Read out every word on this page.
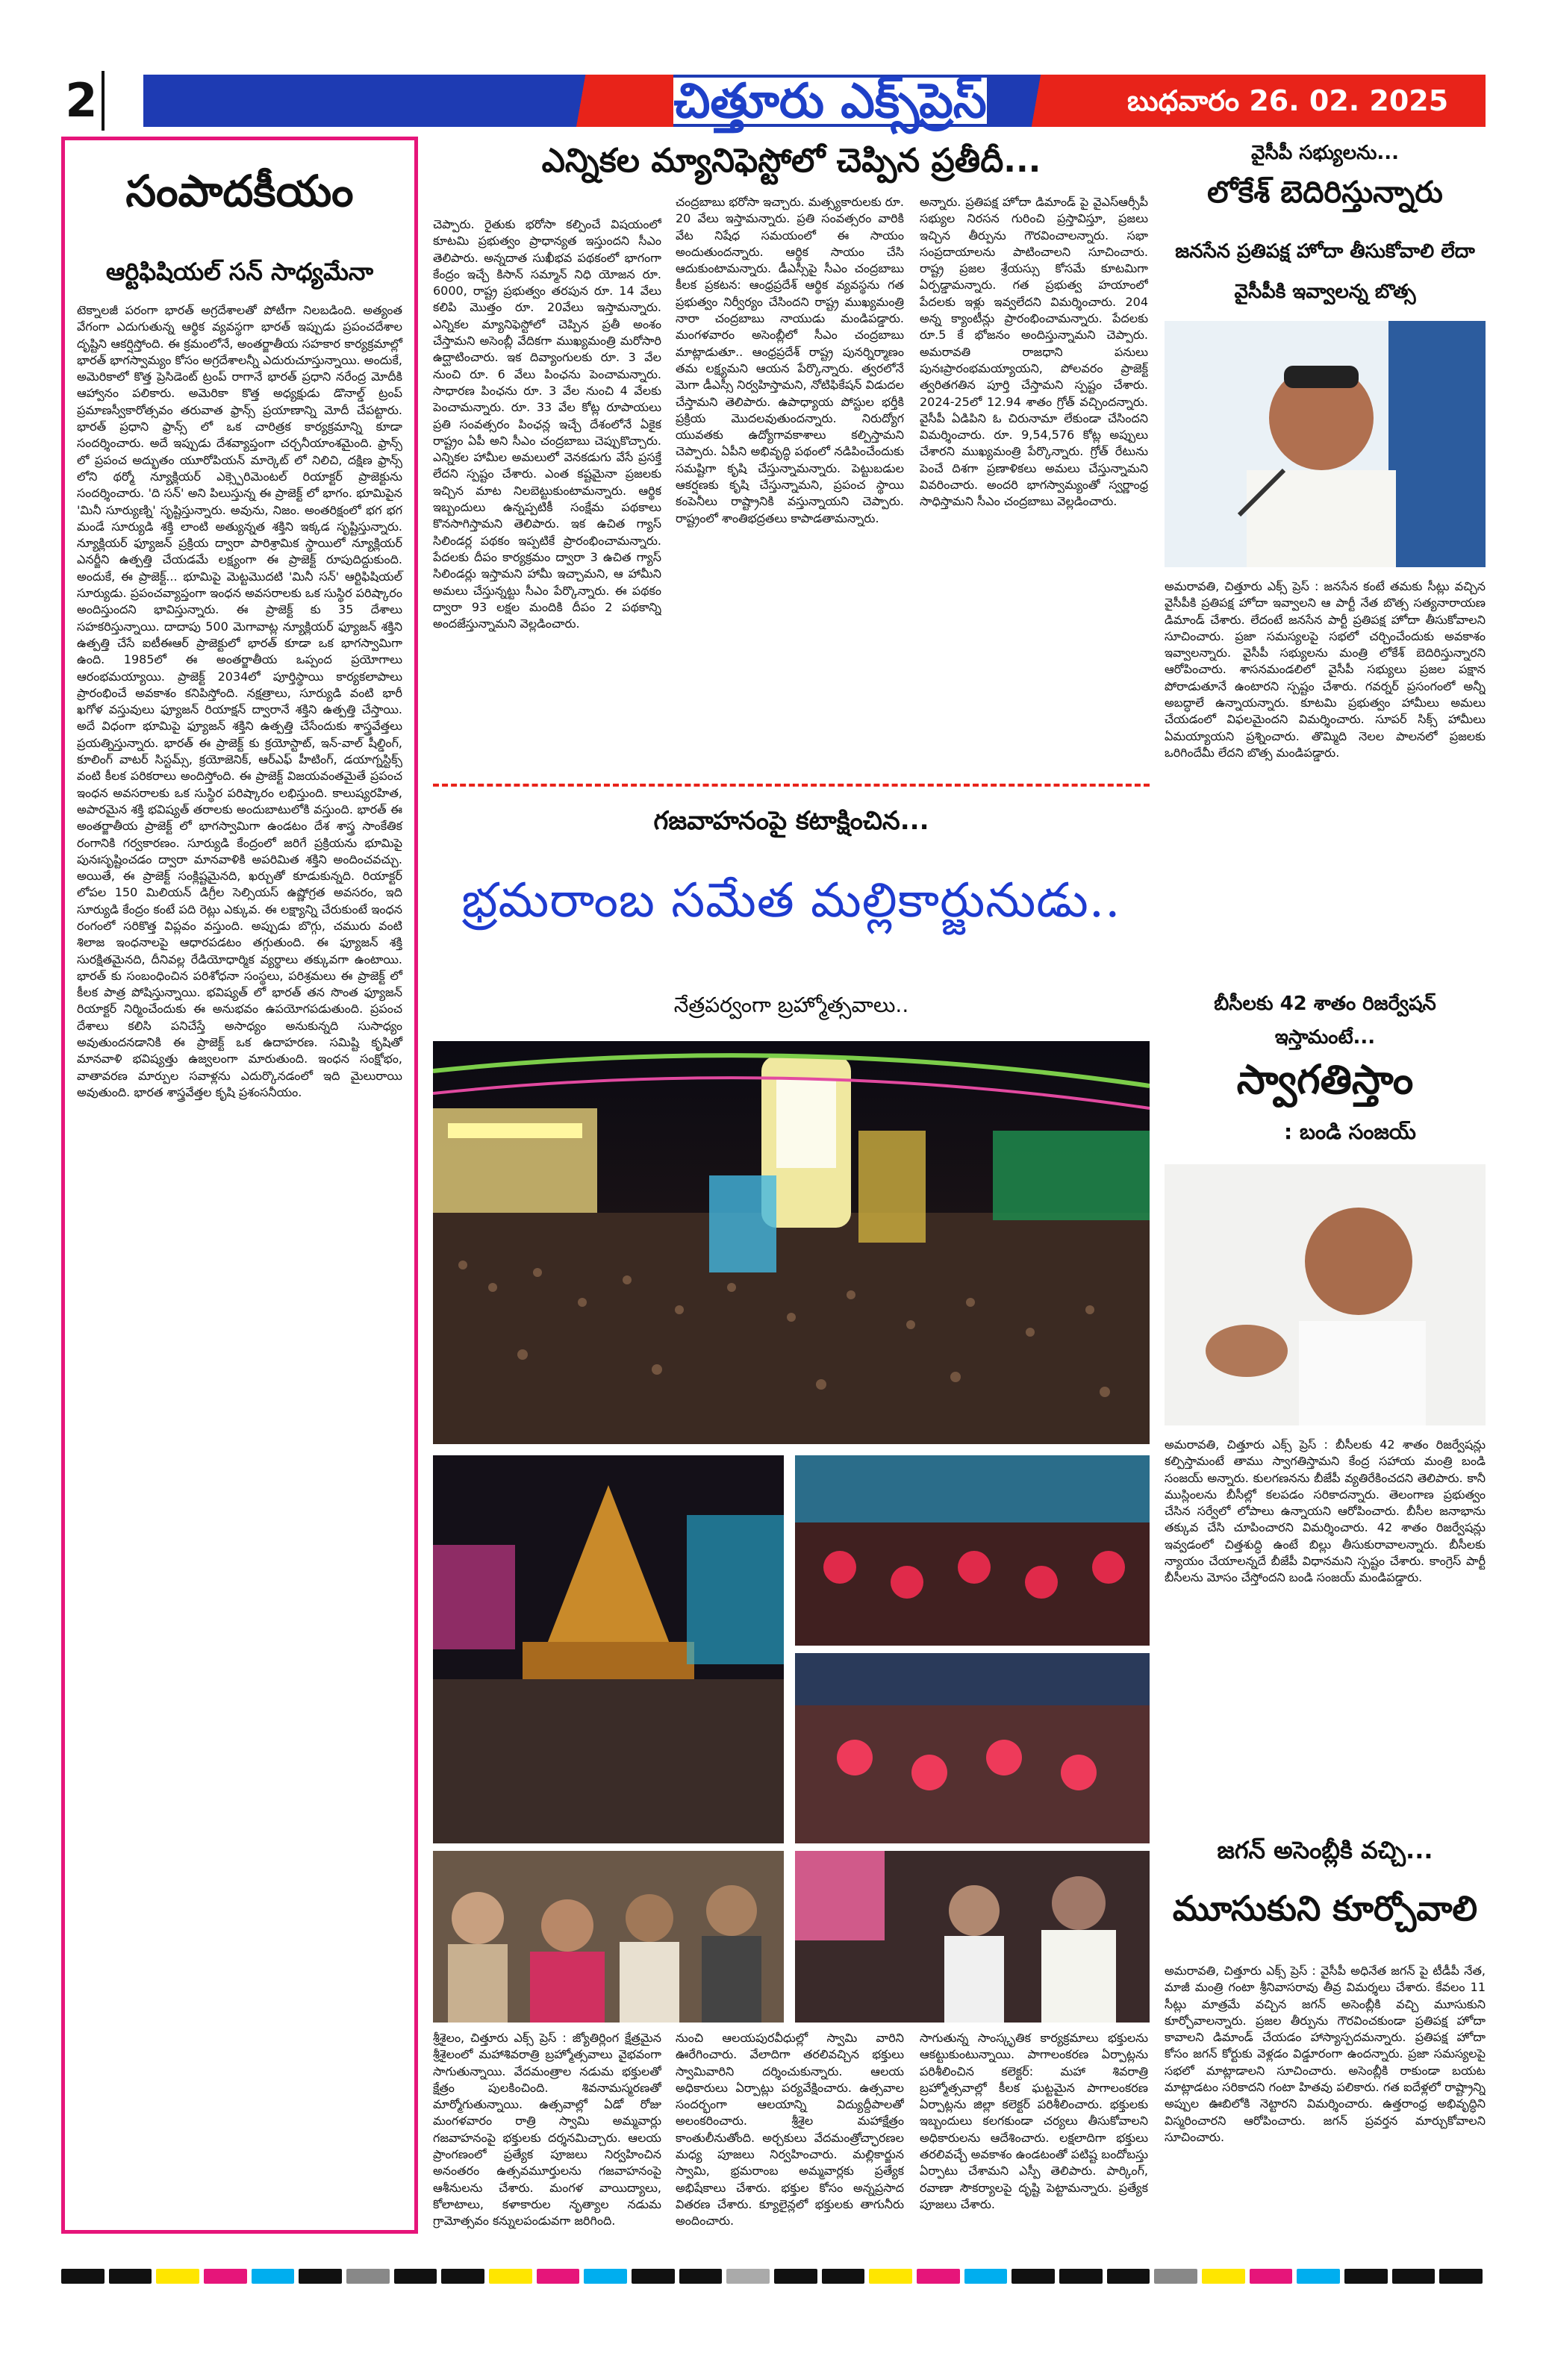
2	చిత్తూరు ఎక్స్‌ప్రెస్	బుధవారం 26. 02. 2025
సంపాదకీయం
ఆర్టిఫిషియల్ సన్ సాధ్యమేనా
టెక్నాలజీ పరంగా భారత్ అగ్రదేశాలతో పోటీగా నిలబడింది. అత్యంత వేగంగా ఎదుగుతున్న ఆర్థిక వ్యవస్థగా భారత్ ఇప్పుడు ప్రపంచదేశాల దృష్టిని ఆకర్షిస్తోంది. ఈ క్రమంలోనే, అంతర్జాతీయ సహకార కార్యక్రమాల్లో భారత్ భాగస్వామ్యం కోసం అగ్రదేశాలన్నీ ఎదురుచూస్తున్నాయి. అందుకే, అమెరికాలో కొత్త ప్రెసిడెంట్ ట్రంప్ రాగానే భారత్ ప్రధాని నరేంద్ర మోదీకి ఆహ్వానం పలికారు. అమెరికా కొత్త అధ్యక్షుడు డొనాల్డ్ ట్రంప్ ప్రమాణస్వీకారోత్సవం తరువాత ఫ్రాన్స్ ప్రయాణాన్ని మోదీ చేపట్టారు. భారత్ ప్రధాని ఫ్రాన్స్ లో ఒక చారిత్రక కార్యక్రమాన్ని కూడా సందర్శించారు. అదే ఇప్పుడు దేశవ్యాప్తంగా చర్చనీయాంశమైంది. ఫ్రాన్స్ లో ప్రపంచ అద్భుతం యూరోపియన్ మార్కెట్ లో నిలిచి, దక్షిణ ఫ్రాన్స్ లోని థర్మో న్యూక్లియర్ ఎక్స్పెరిమెంటల్ రియాక్టర్ ప్రాజెక్టును సందర్శించారు. 'ది సన్' అని పిలుస్తున్న ఈ ప్రాజెక్ట్ లో భాగం. భూమిపైన 'మినీ సూర్యుణ్ని' సృష్టిస్తున్నారు. అవును, నిజం. అంతరిక్షంలో భగ భగ మండే సూర్యుడి శక్తి లాంటి అత్యున్నత శక్తిని ఇక్కడ సృష్టిస్తున్నారు. న్యూక్లియర్ ఫ్యూజన్ ప్రక్రియ ద్వారా పారిశ్రామిక స్థాయిలో న్యూక్లియర్ ఎనర్జీని ఉత్పత్తి చేయడమే లక్ష్యంగా ఈ ప్రాజెక్ట్ రూపుదిద్దుకుంది. అందుకే, ఈ ప్రాజెక్ట్... భూమిపై మెట్టమొదటి 'మినీ సన్' ఆర్టిఫిషియల్ సూర్యుడు. ప్రపంచవ్యాప్తంగా ఇంధన అవసరాలకు ఒక సుస్థిర పరిష్కారం అందిస్తుందని భావిస్తున్నారు. ఈ ప్రాజెక్ట్ కు 35 దేశాలు సహకరిస్తున్నాయి. దాదాపు 500 మెగావాట్ల న్యూక్లియర్ ఫ్యూజన్ శక్తిని ఉత్పత్తి చేసే ఐటీఈఆర్ ప్రాజెక్టులో భారత్ కూడా ఒక భాగస్వామిగా ఉంది. 1985లో ఈ అంతర్జాతీయ ఒప్పంద ప్రయోగాలు ఆరంభమయ్యాయి. ప్రాజెక్ట్ 2034లో పూర్తిస్థాయి కార్యకలాపాలు ప్రారంభించే అవకాశం కనిపిస్తోంది. నక్షత్రాలు, సూర్యుడి వంటి భారీ ఖగోళ వస్తువులు ఫ్యూజన్ రియాక్షన్ ద్వారానే శక్తిని ఉత్పత్తి చేస్తాయి. అదే విధంగా భూమిపై ఫ్యూజన్ శక్తిని ఉత్పత్తి చేసేందుకు శాస్త్రవేత్తలు ప్రయత్నిస్తున్నారు. భారత్ ఈ ప్రాజెక్ట్ కు క్రయోస్టాట్, ఇన్-వాల్ షీల్డింగ్, కూలింగ్ వాటర్ సిస్టమ్స్, క్రయోజెనిక్, ఆర్ఎఫ్ హీటింగ్, డయాగ్నస్టిక్స్ వంటి కీలక పరికరాలు అందిస్తోంది. ఈ ప్రాజెక్ట్ విజయవంతమైతే ప్రపంచ ఇంధన అవసరాలకు ఒక సుస్థిర పరిష్కారం లభిస్తుంది. కాలుష్యరహిత, అపారమైన శక్తి భవిష్యత్ తరాలకు అందుబాటులోకి వస్తుంది. భారత్ ఈ అంతర్జాతీయ ప్రాజెక్ట్ లో భాగస్వామిగా ఉండటం దేశ శాస్త్ర సాంకేతిక రంగానికి గర్వకారణం. సూర్యుడి కేంద్రంలో జరిగే ప్రక్రియను భూమిపై పునఃసృష్టించడం ద్వారా మానవాళికి అపరిమిత శక్తిని అందించవచ్చు. అయితే, ఈ ప్రాజెక్ట్ సంక్లిష్టమైనది, ఖర్చుతో కూడుకున్నది. రియాక్టర్ లోపల 150 మిలియన్ డిగ్రీల సెల్సియస్ ఉష్ణోగ్రత అవసరం, ఇది సూర్యుడి కేంద్రం కంటే పది రెట్లు ఎక్కువ. ఈ లక్ష్యాన్ని చేరుకుంటే ఇంధన రంగంలో సరికొత్త విప్లవం వస్తుంది. అప్పుడు బొగ్గు, చమురు వంటి శిలాజ ఇంధనాలపై ఆధారపడటం తగ్గుతుంది. ఈ ఫ్యూజన్ శక్తి సురక్షితమైనది, దీనివల్ల రేడియోధార్మిక వ్యర్థాలు తక్కువగా ఉంటాయి. భారత్ కు సంబంధించిన పరిశోధనా సంస్థలు, పరిశ్రమలు ఈ ప్రాజెక్ట్ లో కీలక పాత్ర పోషిస్తున్నాయి. భవిష్యత్ లో భారత్ తన సొంత ఫ్యూజన్ రియాక్టర్ నిర్మించేందుకు ఈ అనుభవం ఉపయోగపడుతుంది. ప్రపంచ దేశాలు కలిసి పనిచేస్తే అసాధ్యం అనుకున్నది సుసాధ్యం అవుతుందనడానికి ఈ ప్రాజెక్ట్ ఒక ఉదాహరణ. సమిష్టి కృషితో మానవాళి భవిష్యత్తు ఉజ్వలంగా మారుతుంది. ఇంధన సంక్షోభం, వాతావరణ మార్పుల సవాళ్లను ఎదుర్కొనడంలో ఇది మైలురాయి అవుతుంది. భారత శాస్త్రవేత్తల కృషి ప్రశంసనీయం.
ఎన్నికల మ్యానిఫెస్టోలో చెప్పిన ప్రతీదీ...
చెప్పారు. రైతుకు భరోసా కల్పించే విషయంలో కూటమి ప్రభుత్వం ప్రాధాన్యత ఇస్తుందని సీఎం తెలిపారు. అన్నదాత సుఖీభవ పథకంలో భాగంగా కేంద్రం ఇచ్చే కిసాన్ సమ్మాన్ నిధి యోజన రూ. 6000, రాష్ట్ర ప్రభుత్వం తరపున రూ. 14 వేలు కలిపి మొత్తం రూ. 20వేలు ఇస్తామన్నారు. ఎన్నికల మ్యానిఫెస్టోలో చెప్పిన ప్రతీ అంశం చేస్తామని అసెంబ్లీ వేదికగా ముఖ్యమంత్రి మరోసారి ఉద్ఘాటించారు. ఇక దివ్యాంగులకు రూ. 3 వేల నుంచి రూ. 6 వేలు పింఛను పెంచామన్నారు. సాధారణ పింఛను రూ. 3 వేల నుంచి 4 వేలకు పెంచామన్నారు. రూ. 33 వేల కోట్ల రూపాయలు ప్రతి సంవత్సరం పింఛన్ల ఇచ్చే దేశంలోనే ఏకైక రాష్ట్రం ఏపీ అని సీఎం చంద్రబాబు చెప్పుకొచ్చారు. ఎన్నికల హామీల అమలులో వెనకడుగు వేసే ప్రసక్తే లేదని స్పష్టం చేశారు. ఎంత కష్టమైనా ప్రజలకు ఇచ్చిన మాట నిలబెట్టుకుంటామన్నారు. ఆర్థిక ఇబ్బందులు ఉన్నప్పటికీ సంక్షేమ పథకాలు కొనసాగిస్తామని తెలిపారు. ఇక ఉచిత గ్యాస్ సిలిండర్ల పథకం ఇప్పటికే ప్రారంభించామన్నారు. పేదలకు దీపం కార్యక్రమం ద్వారా 3 ఉచిత గ్యాస్ సిలిండర్లు ఇస్తామని హామీ ఇచ్చామని, ఆ హామీని అమలు చేస్తున్నట్టు సీఎం పేర్కొన్నారు. ఈ పథకం ద్వారా 93 లక్షల మందికి దీపం 2 పథకాన్ని అందజేస్తున్నామని వెల్లడించారు.
చంద్రబాబు భరోసా ఇచ్చారు. మత్స్యకారులకు రూ. 20 వేలు ఇస్తామన్నారు. ప్రతి సంవత్సరం వారికి వేట నిషేధ సమయంలో ఈ సాయం అందుతుందన్నారు. ఆర్థిక సాయం చేసి ఆదుకుంటామన్నారు. డీఎస్సీపై సీఎం చంద్రబాబు కీలక ప్రకటన: ఆంధ్రప్రదేశ్ ఆర్థిక వ్యవస్థను గత ప్రభుత్వం నిర్వీర్యం చేసిందని రాష్ట్ర ముఖ్యమంత్రి నారా చంద్రబాబు నాయుడు మండిపడ్డారు. మంగళవారం అసెంబ్లీలో సీఎం చంద్రబాబు మాట్లాడుతూ.. ఆంధ్రప్రదేశ్ రాష్ట్ర పునర్నిర్మాణం తమ లక్ష్యమని ఆయన పేర్కొన్నారు. త్వరలోనే మెగా డీఎస్సీ నిర్వహిస్తామని, నోటిఫికేషన్ విడుదల చేస్తామని తెలిపారు. ఉపాధ్యాయ పోస్టుల భర్తీకి ప్రక్రియ మొదలవుతుందన్నారు. నిరుద్యోగ యువతకు ఉద్యోగావకాశాలు కల్పిస్తామని చెప్పారు. ఏపీని అభివృద్ధి పథంలో నడిపించేందుకు సమష్టిగా కృషి చేస్తున్నామన్నారు. పెట్టుబడుల ఆకర్షణకు కృషి చేస్తున్నామని, ప్రపంచ స్థాయి కంపెనీలు రాష్ట్రానికి వస్తున్నాయని చెప్పారు. రాష్ట్రంలో శాంతిభద్రతలు కాపాడతామన్నారు.
అన్నారు. ప్రతిపక్ష హోదా డిమాండ్ పై వైఎస్ఆర్సీపీ సభ్యుల నిరసన గురించి ప్రస్తావిస్తూ, ప్రజలు ఇచ్చిన తీర్పును గౌరవించాలన్నారు. సభా సంప్రదాయాలను పాటించాలని సూచించారు. రాష్ట్ర ప్రజల శ్రేయస్సు కోసమే కూటమిగా ఏర్పడ్డామన్నారు. గత ప్రభుత్వ హయాంలో పేదలకు ఇళ్లు ఇవ్వలేదని విమర్శించారు. 204 అన్న క్యాంటీన్లు ప్రారంభించామన్నారు. పేదలకు రూ.5 కే భోజనం అందిస్తున్నామని చెప్పారు. అమరావతి రాజధాని పనులు పునఃప్రారంభమయ్యాయని, పోలవరం ప్రాజెక్ట్ త్వరితగతిన పూర్తి చేస్తామని స్పష్టం చేశారు. 2024-25లో 12.94 శాతం గ్రోత్ వచ్చిందన్నారు. వైసీపీ ఏడిపిని ఓ చిరునామా లేకుండా చేసిందని విమర్శించారు. రూ. 9,54,576 కోట్ల అప్పులు చేశారని ముఖ్యమంత్రి పేర్కొన్నారు. గ్రోత్ రేటును పెంచే దిశగా ప్రణాళికలు అమలు చేస్తున్నామని వివరించారు. అందరి భాగస్వామ్యంతో స్వర్ణాంధ్ర సాధిస్తామని సీఎం చంద్రబాబు వెల్లడించారు.
గజవాహనంపై కటాక్షించిన...
భ్రమరాంబ సమేత మల్లికార్జునుడు..
నేత్రపర్వంగా బ్రహ్మోత్సవాలు..
శ్రీశైలం, చిత్తూరు ఎక్స్ ప్రెస్ : జ్యోతిర్లింగ క్షేత్రమైన శ్రీశైలంలో మహాశివరాత్రి బ్రహ్మోత్సవాలు వైభవంగా సాగుతున్నాయి. వేదమంత్రాల నడుమ భక్తులతో క్షేత్రం పులకించింది. శివనామస్మరణతో మార్మోగుతున్నాయి. ఉత్సవాల్లో ఏడో రోజు మంగళవారం రాత్రి స్వామి అమ్మవార్లు గజవాహనంపై భక్తులకు దర్శనమిచ్చారు. ఆలయ ప్రాంగణంలో ప్రత్యేక పూజలు నిర్వహించిన అనంతరం ఉత్సవమూర్తులను గజవాహనంపై ఆశీనులను చేశారు. మంగళ వాయిద్యాలు, కోలాటాలు, కళాకారుల నృత్యాల నడుమ గ్రామోత్సవం కన్నులపండువగా జరిగింది.
నుంచి ఆలయపురవీధుల్లో స్వామి వారిని ఊరేగించారు. వేలాదిగా తరలివచ్చిన భక్తులు స్వామివారిని దర్శించుకున్నారు. ఆలయ అధికారులు ఏర్పాట్లు పర్యవేక్షించారు. ఉత్సవాల సందర్భంగా ఆలయాన్ని విద్యుద్దీపాలతో అలంకరించారు. శ్రీశైల మహాక్షేత్రం కాంతులీనుతోంది. అర్చకులు వేదమంత్రోచ్ఛారణల మధ్య పూజలు నిర్వహించారు. మల్లికార్జున స్వామి, భ్రమరాంబ అమ్మవార్లకు ప్రత్యేక అభిషేకాలు చేశారు. భక్తుల కోసం అన్నప్రసాద వితరణ చేశారు. క్యూలైన్లలో భక్తులకు తాగునీరు అందించారు.
సాగుతున్న సాంస్కృతిక కార్యక్రమాలు భక్తులను ఆకట్టుకుంటున్నాయి. పాగాలంకరణ ఏర్పాట్లను పరిశీలించిన కలెక్టర్: మహా శివరాత్రి బ్రహ్మోత్సవాల్లో కీలక ఘట్టమైన పాగాలంకరణ ఏర్పాట్లను జిల్లా కలెక్టర్ పరిశీలించారు. భక్తులకు ఇబ్బందులు కలగకుండా చర్యలు తీసుకోవాలని అధికారులను ఆదేశించారు. లక్షలాదిగా భక్తులు తరలివచ్చే అవకాశం ఉండటంతో పటిష్ట బందోబస్తు ఏర్పాటు చేశామని ఎస్పీ తెలిపారు. పార్కింగ్, రవాణా సౌకర్యాలపై దృష్టి పెట్టామన్నారు. ప్రత్యేక పూజలు చేశారు.
వైసీపీ సభ్యులను...
లోకేశ్ బెదిరిస్తున్నారు
జనసేన ప్రతిపక్ష హోదా తీసుకోవాలి లేదా వైసీపీకి ఇవ్వాలన్న బొత్స
అమరావతి, చిత్తూరు ఎక్స్ ప్రెస్ : జనసేన కంటే తమకు సీట్లు వచ్చిన వైసీపీకి ప్రతిపక్ష హోదా ఇవ్వాలని ఆ పార్టీ నేత బొత్స సత్యనారాయణ డిమాండ్ చేశారు. లేదంటే జనసేన పార్టీ ప్రతిపక్ష హోదా తీసుకోవాలని సూచించారు. ప్రజా సమస్యలపై సభలో చర్చించేందుకు అవకాశం ఇవ్వాలన్నారు. వైసీపీ సభ్యులను మంత్రి లోకేశ్ బెదిరిస్తున్నారని ఆరోపించారు. శాసనమండలిలో వైసీపీ సభ్యులు ప్రజల పక్షాన పోరాడుతూనే ఉంటారని స్పష్టం చేశారు. గవర్నర్ ప్రసంగంలో అన్నీ అబద్ధాలే ఉన్నాయన్నారు. కూటమి ప్రభుత్వం హామీలు అమలు చేయడంలో విఫలమైందని విమర్శించారు. సూపర్ సిక్స్ హామీలు ఏమయ్యాయని ప్రశ్నించారు. తొమ్మిది నెలల పాలనలో ప్రజలకు ఒరిగిందేమీ లేదని బొత్స మండిపడ్డారు.
బీసీలకు 42 శాతం రిజర్వేషన్
ఇస్తామంటే...
స్వాగతిస్తాం
: బండి సంజయ్
అమరావతి, చిత్తూరు ఎక్స్ ప్రెస్ : బీసీలకు 42 శాతం రిజర్వేషన్లు కల్పిస్తామంటే తాము స్వాగతిస్తామని కేంద్ర సహాయ మంత్రి బండి సంజయ్ అన్నారు. కులగణనను బీజేపీ వ్యతిరేకించదని తెలిపారు. కానీ ముస్లింలను బీసీల్లో కలపడం సరికాదన్నారు. తెలంగాణ ప్రభుత్వం చేసిన సర్వేలో లోపాలు ఉన్నాయని ఆరోపించారు. బీసీల జనాభాను తక్కువ చేసి చూపించారని విమర్శించారు. 42 శాతం రిజర్వేషన్లు ఇవ్వడంలో చిత్తశుద్ధి ఉంటే బిల్లు తీసుకురావాలన్నారు. బీసీలకు న్యాయం చేయాలన్నదే బీజేపీ విధానమని స్పష్టం చేశారు. కాంగ్రెస్ పార్టీ బీసీలను మోసం చేస్తోందని బండి సంజయ్ మండిపడ్డారు.
జగన్ అసెంబ్లీకి వచ్చి...
మూసుకుని కూర్చోవాలి
అమరావతి, చిత్తూరు ఎక్స్ ప్రెస్ : వైసీపీ అధినేత జగన్ పై టీడీపీ నేత, మాజీ మంత్రి గంటా శ్రీనివాసరావు తీవ్ర విమర్శలు చేశారు. కేవలం 11 సీట్లు మాత్రమే వచ్చిన జగన్ అసెంబ్లీకి వచ్చి మూసుకుని కూర్చోవాలన్నారు. ప్రజల తీర్పును గౌరవించకుండా ప్రతిపక్ష హోదా కావాలని డిమాండ్ చేయడం హాస్యాస్పదమన్నారు. ప్రతిపక్ష హోదా కోసం జగన్ కోర్టుకు వెళ్లడం విడ్డూరంగా ఉందన్నారు. ప్రజా సమస్యలపై సభలో మాట్లాడాలని సూచించారు. అసెంబ్లీకి రాకుండా బయట మాట్లాడటం సరికాదని గంటా హితవు పలికారు. గత ఐదేళ్లలో రాష్ట్రాన్ని అప్పుల ఊబిలోకి నెట్టారని విమర్శించారు. ఉత్తరాంధ్ర అభివృద్ధిని విస్మరించారని ఆరోపించారు. జగన్ ప్రవర్తన మార్చుకోవాలని సూచించారు.
